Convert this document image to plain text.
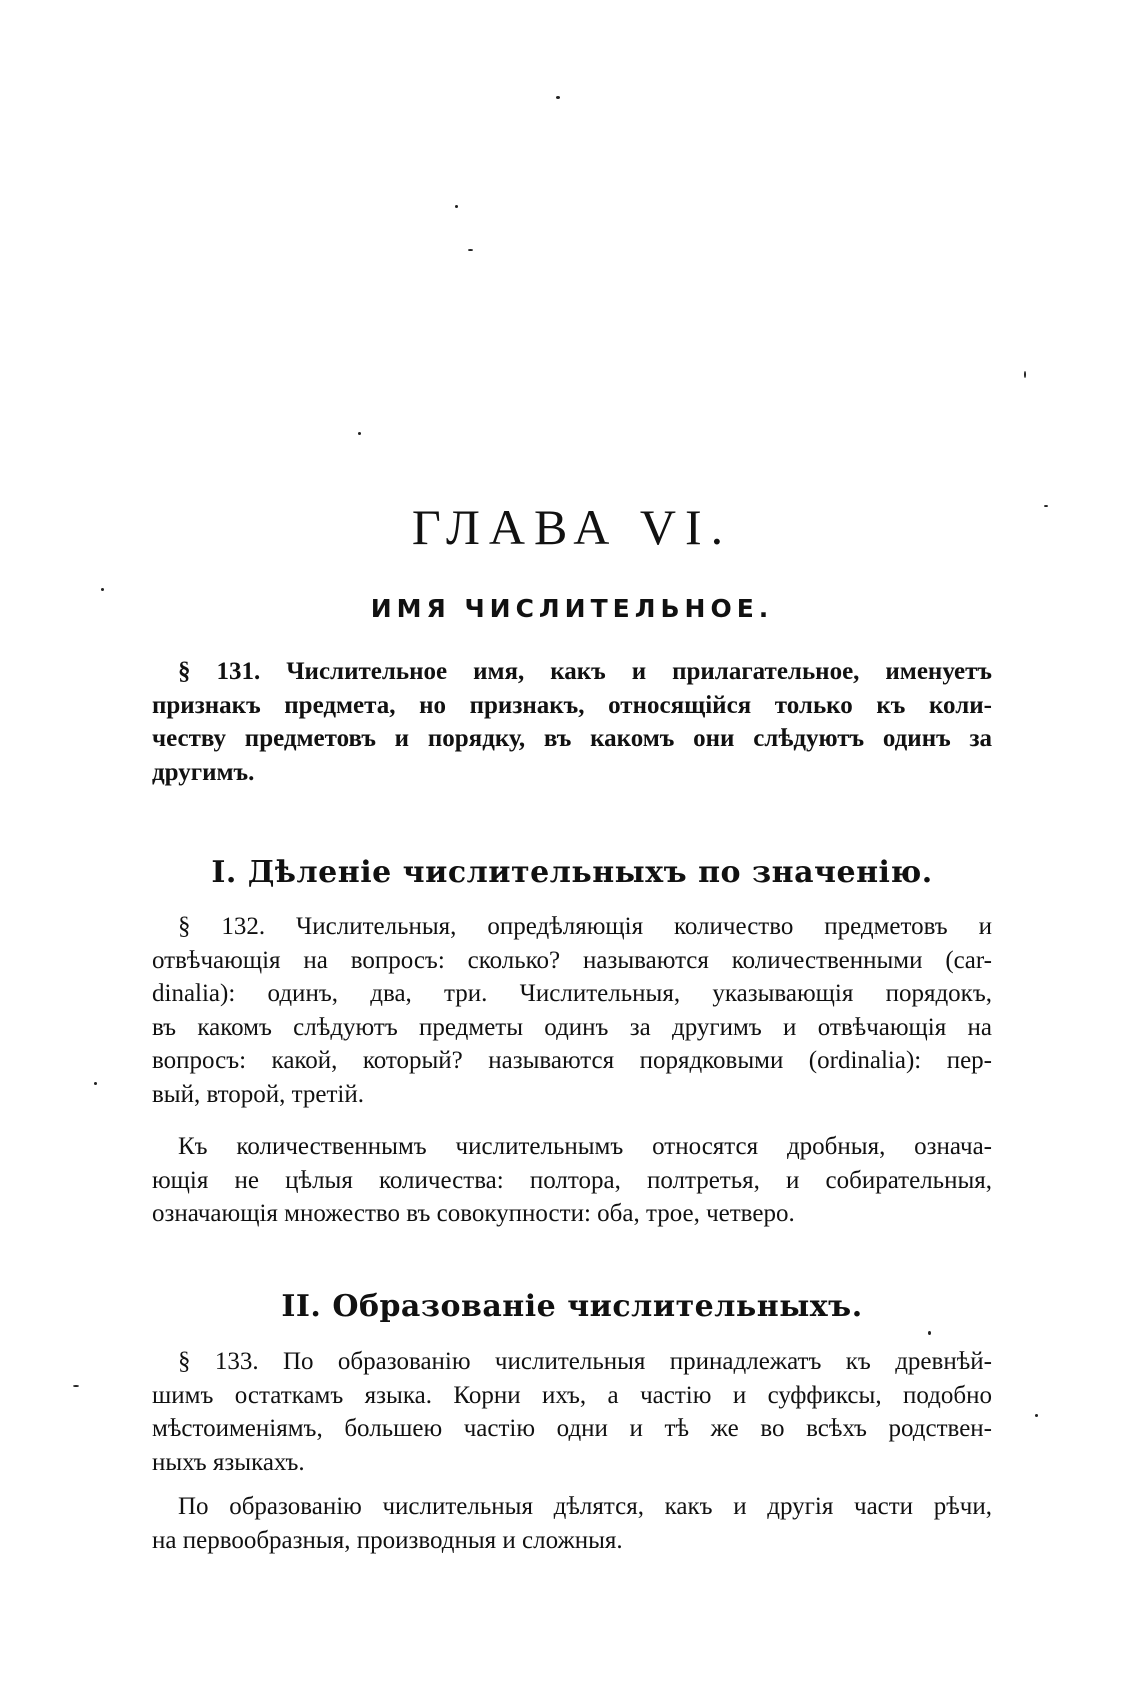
ГЛАВА VI.
ИМЯ ЧИСЛИТЕЛЬНОЕ.
§ 131. Числительное имя, какъ и прилагательное, именуетъ
признакъ предмета, но признакъ, относящійся только къ коли-
честву предметовъ и порядку, въ какомъ они слѣдуютъ одинъ за
другимъ.
I. Дѣленіе числительныхъ по значенію.
§ 132. Числительныя, опредѣляющія количество предметовъ и
отвѣчающія на вопросъ: сколько? называются количественными (car-
dinalia): одинъ, два, три. Числительныя, указывающія порядокъ,
въ какомъ слѣдуютъ предметы одинъ за другимъ и отвѣчающія на
вопросъ: какой, который? называются порядковыми (ordinalia): пер-
вый, второй, третій.
Къ количественнымъ числительнымъ относятся дробныя, означа-
ющія не цѣлыя количества: полтора, полтретья, и собирательныя,
означающія множество въ совокупности: оба, трое, четверо.
II. Образованіе числительныхъ.
§ 133. По образованію числительныя принадлежатъ къ древнѣй-
шимъ остаткамъ языка. Корни ихъ, а частію и суффиксы, подобно
мѣстоименіямъ, большею частію одни и тѣ же во всѣхъ родствен-
ныхъ языкахъ.
По образованію числительныя дѣлятся, какъ и другія части рѣчи,
на первообразныя, производныя и сложныя.
